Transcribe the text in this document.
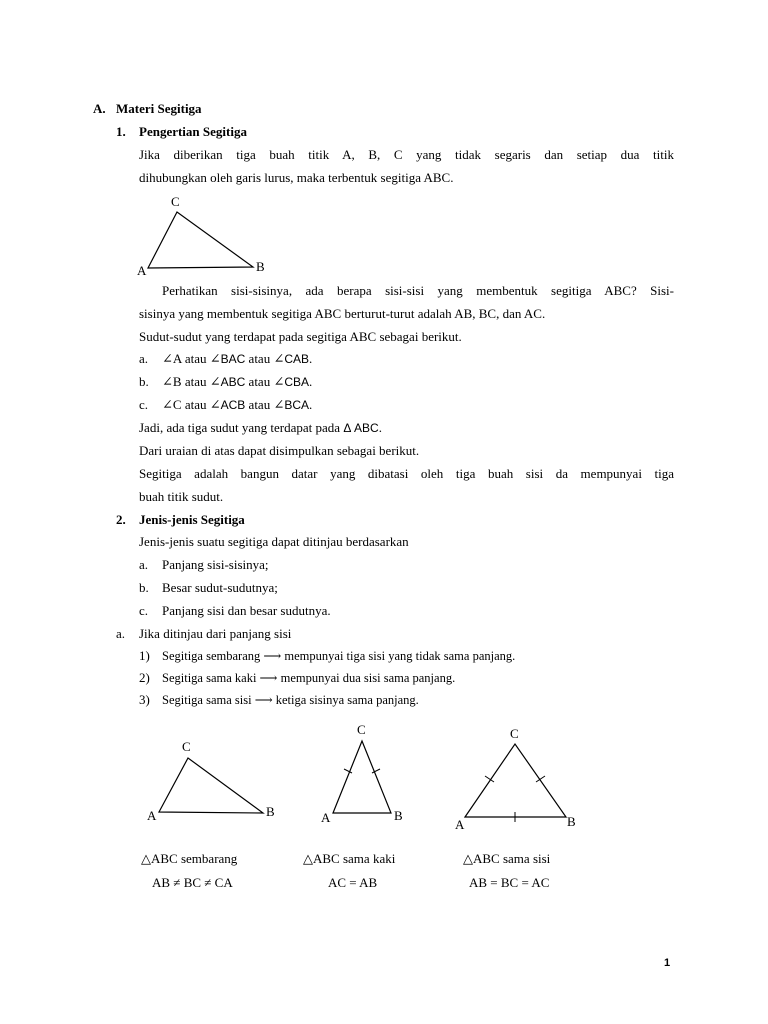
A. Materi Segitiga
1. Pengertian Segitiga
Jika diberikan tiga buah titik A, B, C yang tidak segaris dan setiap dua titik
dihubungkan oleh garis lurus, maka terbentuk segitiga ABC.
C
A	B
Perhatikan sisi-sisinya, ada berapa sisi-sisi yang membentuk segitiga ABC? Sisi-
sisinya yang membentuk segitiga ABC berturut-turut adalah AB, BC, dan AC.
Sudut-sudut yang terdapat pada segitiga ABC sebagai berikut.
a. ∠A atau ∠BAC atau ∠CAB.
b. ∠B atau ∠ABC atau ∠CBA.
c. ∠C atau ∠ACB atau ∠BCA.
Jadi, ada tiga sudut yang terdapat pada Δ ABC.
Dari uraian di atas dapat disimpulkan sebagai berikut.
Segitiga adalah bangun datar yang dibatasi oleh tiga buah sisi da mempunyai tiga
buah titik sudut.
2. Jenis-jenis Segitiga
Jenis-jenis suatu segitiga dapat ditinjau berdasarkan
a. Panjang sisi-sisinya;
b. Besar sudut-sudutnya;
c. Panjang sisi dan besar sudutnya.
a. Jika ditinjau dari panjang sisi
1) Segitiga sembarang ⟶ mempunyai tiga sisi yang tidak sama panjang.
2) Segitiga sama kaki ⟶ mempunyai dua sisi sama panjang.
3) Segitiga sama sisi ⟶ ketiga sisinya sama panjang.
C
A	B
C
A	B
C
A	B
△ABC sembarang
AB ≠ BC ≠ CA
△ABC sama kaki
AC = AB
△ABC sama sisi
AB = BC = AC
1
